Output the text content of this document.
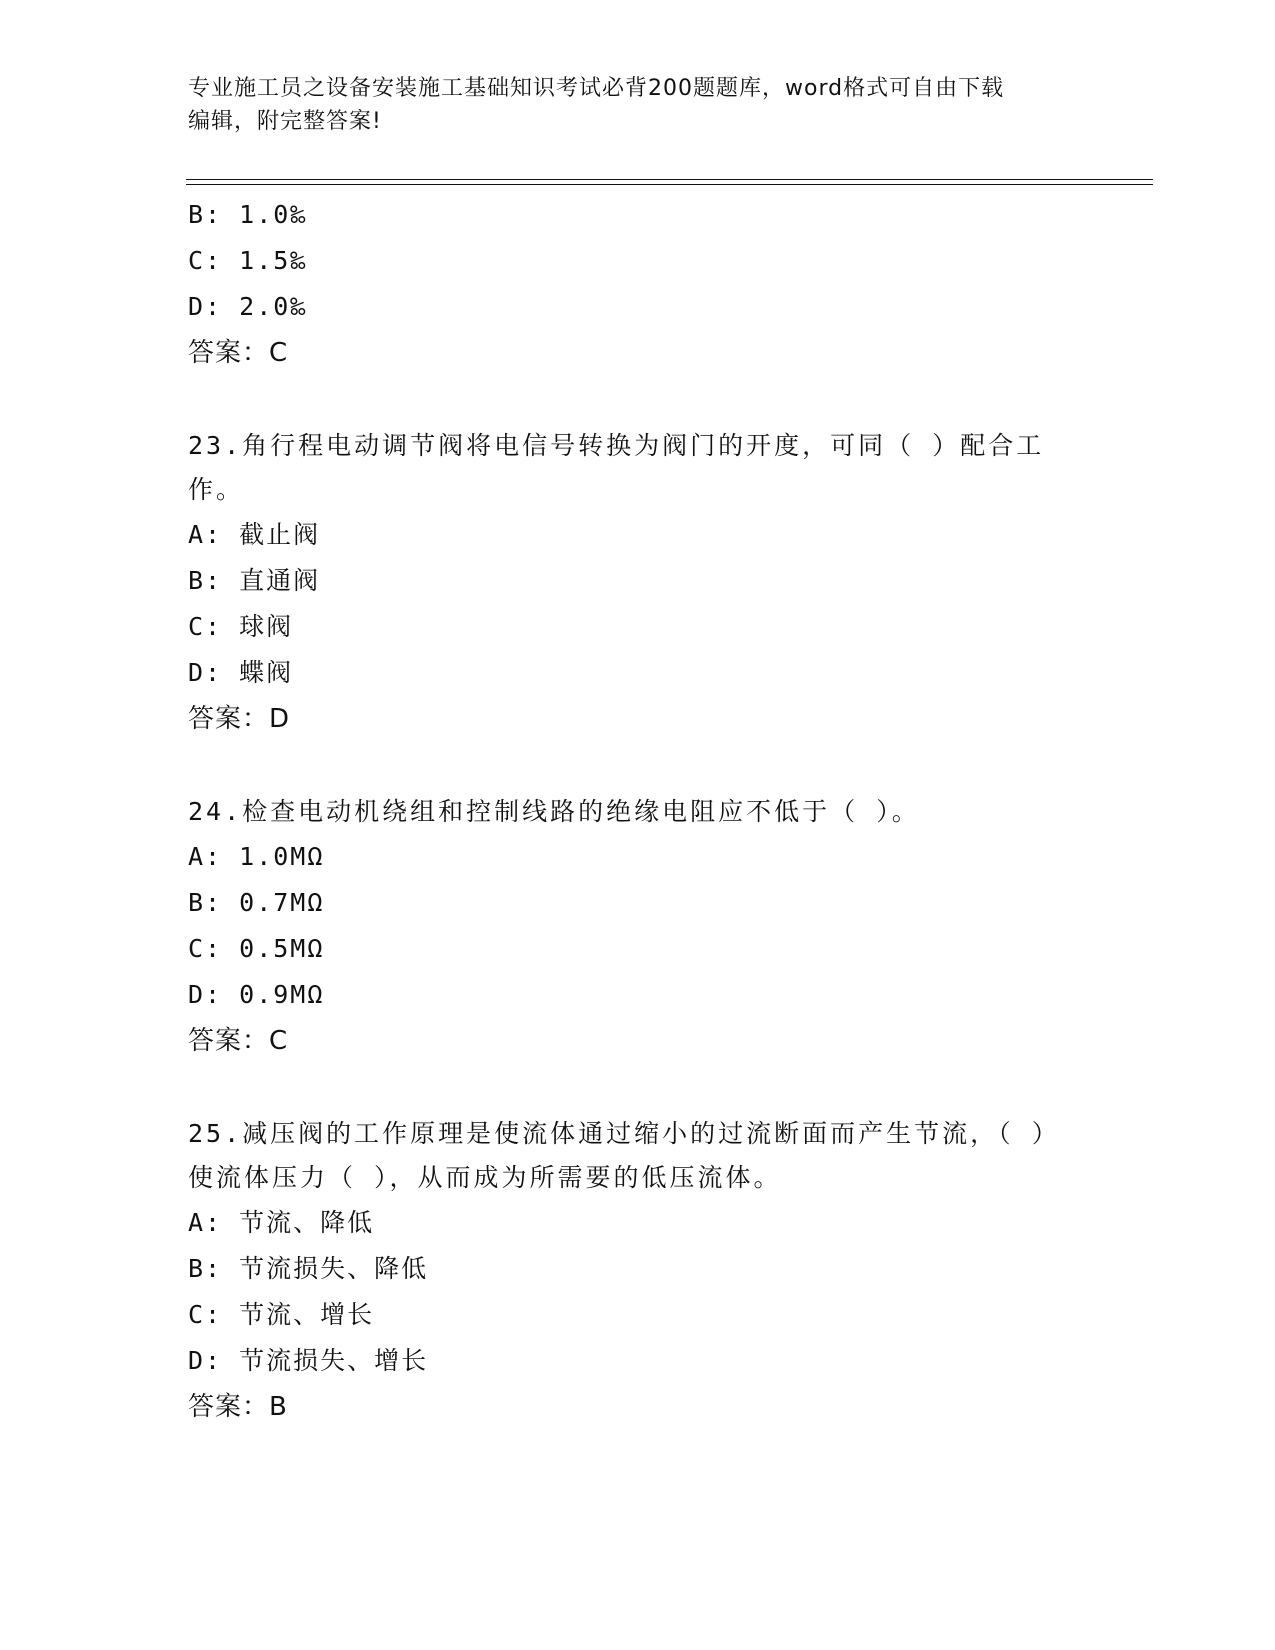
专业施工员之设备安装施工基础知识考试必背200题题库，word格式可自由下载
编辑，附完整答案!
B: 1.0‰
C: 1.5‰
D: 2.0‰
答案：C
23.角行程电动调节阀将电信号转换为阀门的开度，可同（ ）配合工作。
A: 截止阀
B: 直通阀
C: 球阀
D: 蝶阀
答案：D
24.检查电动机绕组和控制线路的绝缘电阻应不低于（ ）。
A: 1.0MΩ
B: 0.7MΩ
C: 0.5MΩ
D: 0.9MΩ
答案：C
25.减压阀的工作原理是使流体通过缩小的过流断面而产生节流，（ ）使流体压力（ ），从而成为所需要的低压流体。
A: 节流、降低
B: 节流损失、降低
C: 节流、增长
D: 节流损失、增长
答案：B
